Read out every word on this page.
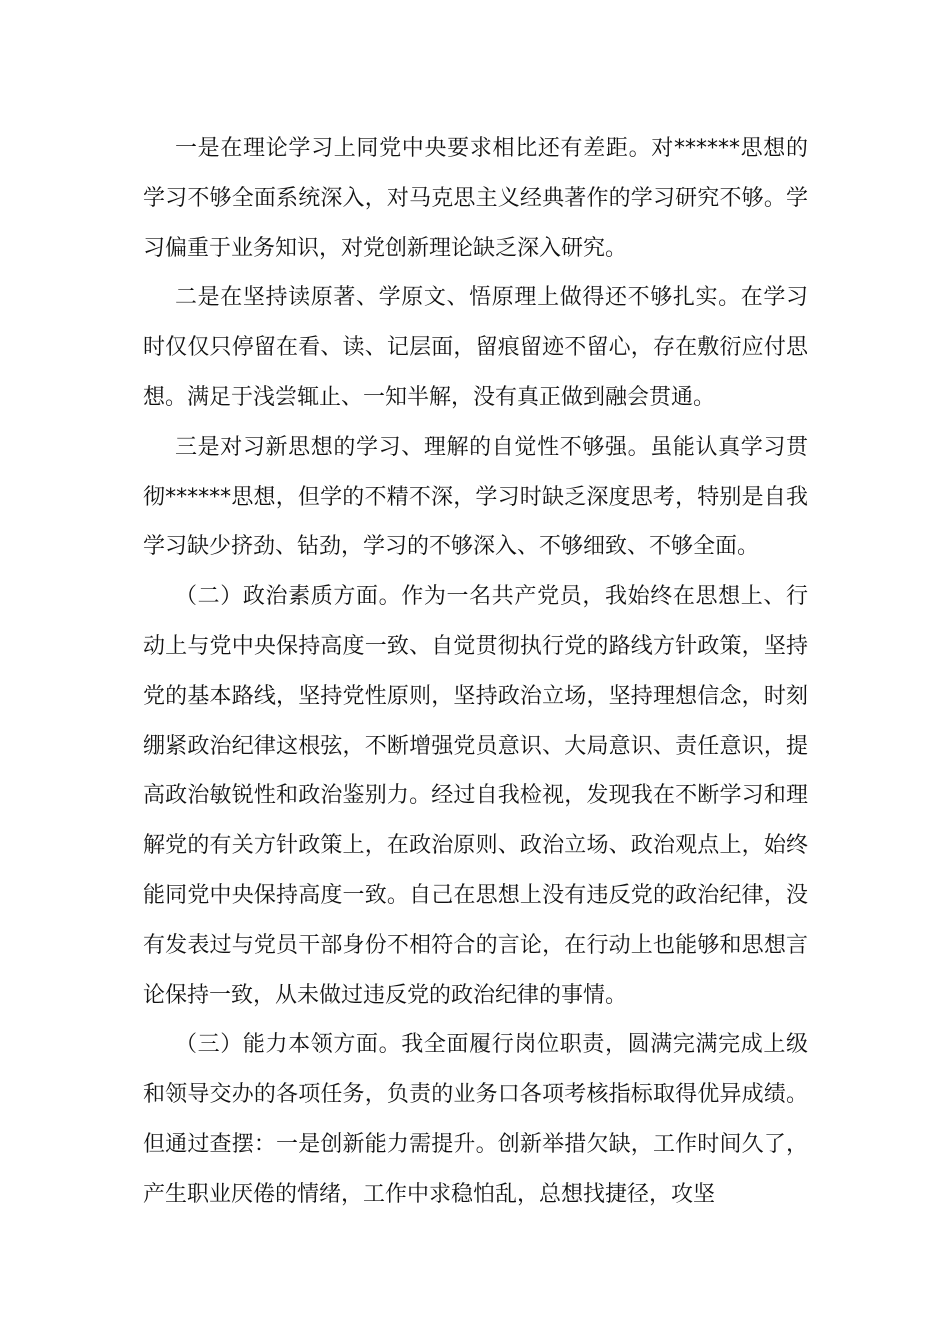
一是在理论学习上同党中央要求相比还有差距。对******思想的学习不够全面系统深入，对马克思主义经典著作的学习研究不够。学习偏重于业务知识，对党创新理论缺乏深入研究。

二是在坚持读原著、学原文、悟原理上做得还不够扎实。在学习时仅仅只停留在看、读、记层面，留痕留迹不留心，存在敷衍应付思想。满足于浅尝辄止、一知半解，没有真正做到融会贯通。

三是对习新思想的学习、理解的自觉性不够强。虽能认真学习贯彻******思想，但学的不精不深，学习时缺乏深度思考，特别是自我学习缺少挤劲、钻劲，学习的不够深入、不够细致、不够全面。

（二）政治素质方面。作为一名共产党员，我始终在思想上、行动上与党中央保持高度一致、自觉贯彻执行党的路线方针政策，坚持党的基本路线，坚持党性原则，坚持政治立场，坚持理想信念，时刻绷紧政治纪律这根弦，不断增强党员意识、大局意识、责任意识，提高政治敏锐性和政治鉴别力。经过自我检视，发现我在不断学习和理解党的有关方针政策上，在政治原则、政治立场、政治观点上，始终能同党中央保持高度一致。自己在思想上没有违反党的政治纪律，没有发表过与党员干部身份不相符合的言论，在行动上也能够和思想言论保持一致，从未做过违反党的政治纪律的事情。

（三）能力本领方面。我全面履行岗位职责，圆满完满完成上级和领导交办的各项任务，负责的业务口各项考核指标取得优异成绩。但通过查摆：一是创新能力需提升。创新举措欠缺，工作时间久了，产生职业厌倦的情绪，工作中求稳怕乱，总想找捷径，攻坚
